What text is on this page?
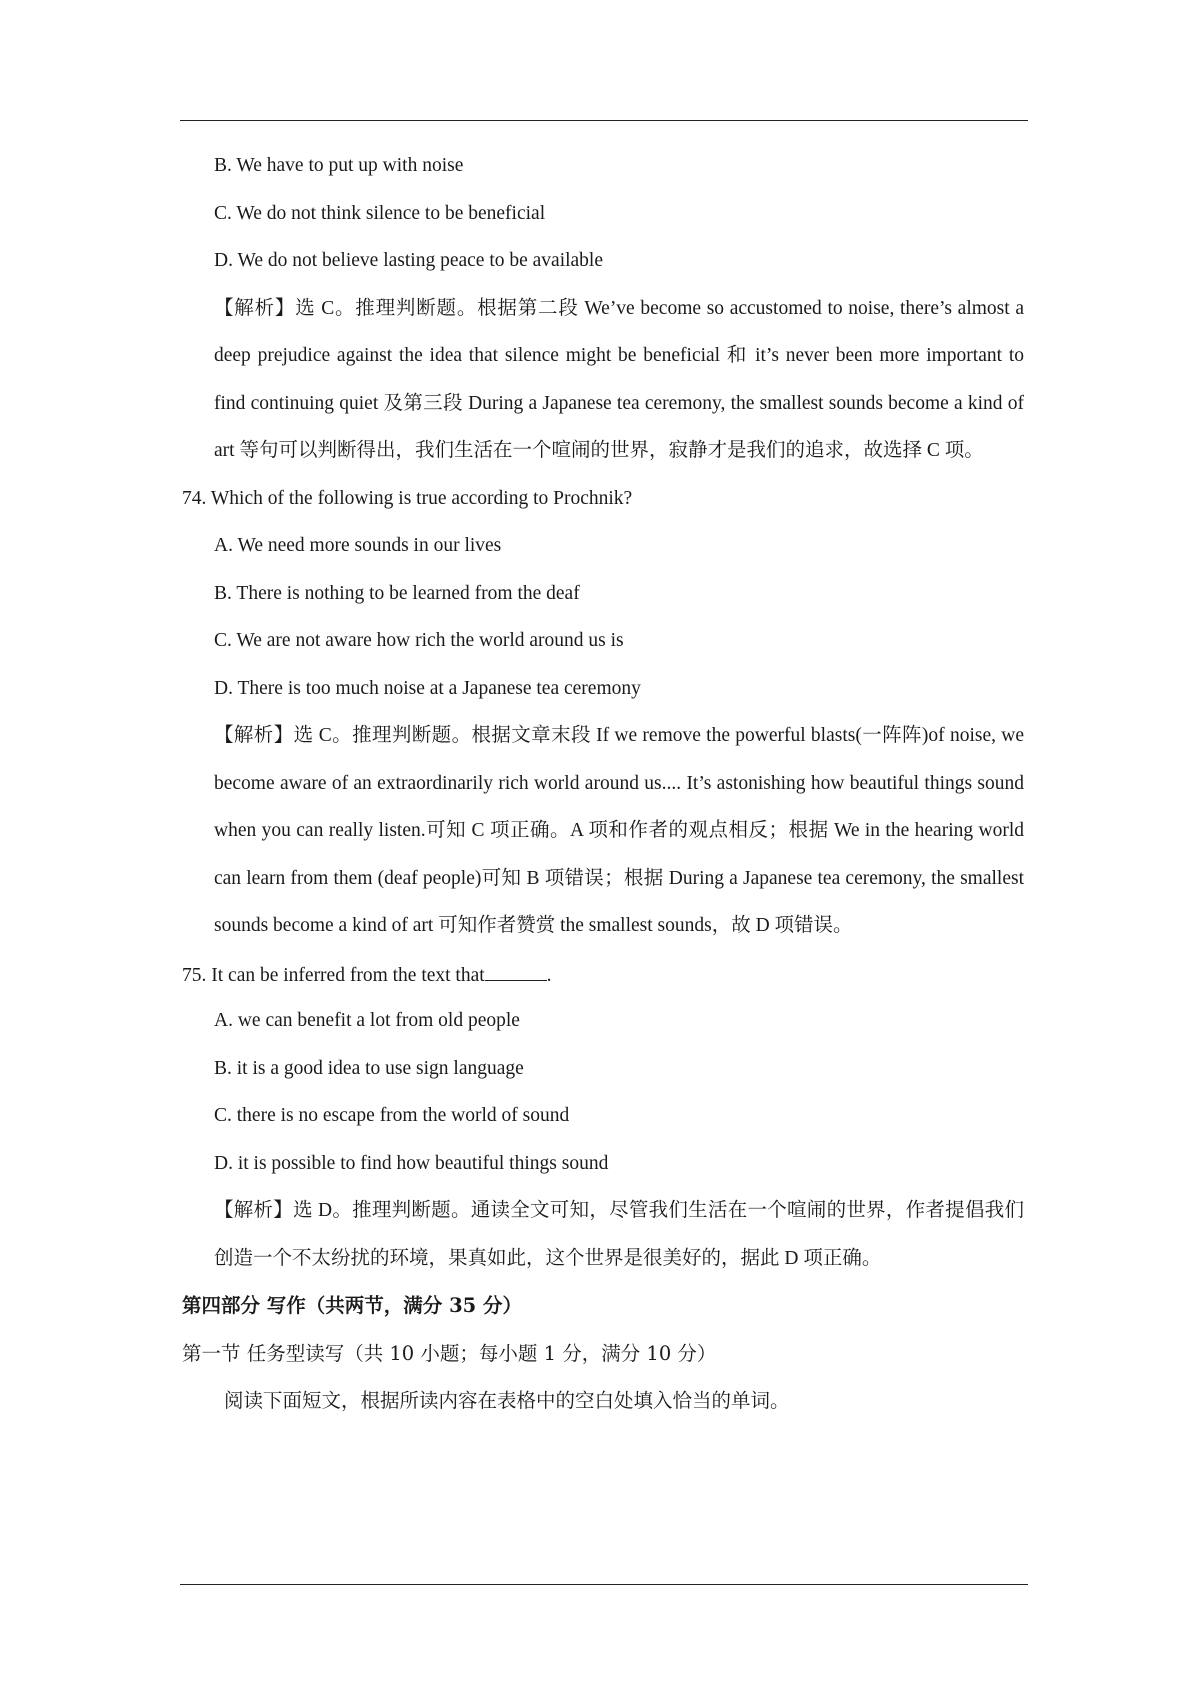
B. We have to put up with noise
C. We do not think silence to be beneficial
D. We do not believe lasting peace to be available
【解析】选 C。推理判断题。根据第二段 We’ve become so accustomed to noise, there’s almost a deep prejudice against the idea that silence might be beneficial 和 it’s never been more important to find continuing quiet 及第三段 During a Japanese tea ceremony, the smallest sounds become a kind of art 等句可以判断得出，我们生活在一个喧闹的世界，寂静才是我们的追求，故选择 C 项。
74. Which of the following is true according to Prochnik?
A. We need more sounds in our lives
B. There is nothing to be learned from the deaf
C. We are not aware how rich the world around us is
D. There is too much noise at a Japanese tea ceremony
【解析】选 C。推理判断题。根据文章末段 If we remove the powerful blasts(一阵阵)of noise, we become aware of an extraordinarily rich world around us.... It’s astonishing how beautiful things sound when you can really listen.可知 C 项正确。A 项和作者的观点相反；根据 We in the hearing world can learn from them (deaf people)可知 B 项错误；根据 During a Japanese tea ceremony, the smallest sounds become a kind of art 可知作者赞赏 the smallest sounds，故 D 项错误。
75. It can be inferred from the text that	.
A. we can benefit a lot from old people
B. it is a good idea to use sign language
C. there is no escape from the world of sound
D. it is possible to find how beautiful things sound
【解析】选 D。推理判断题。通读全文可知，尽管我们生活在一个喧闹的世界，作者提倡我们创造一个不太纷扰的环境，果真如此，这个世界是很美好的，据此 D 项正确。
第四部分 写作（共两节，满分 35 分）
第一节 任务型读写（共 10 小题；每小题 1 分，满分 10 分）
阅读下面短文，根据所读内容在表格中的空白处填入恰当的单词。
